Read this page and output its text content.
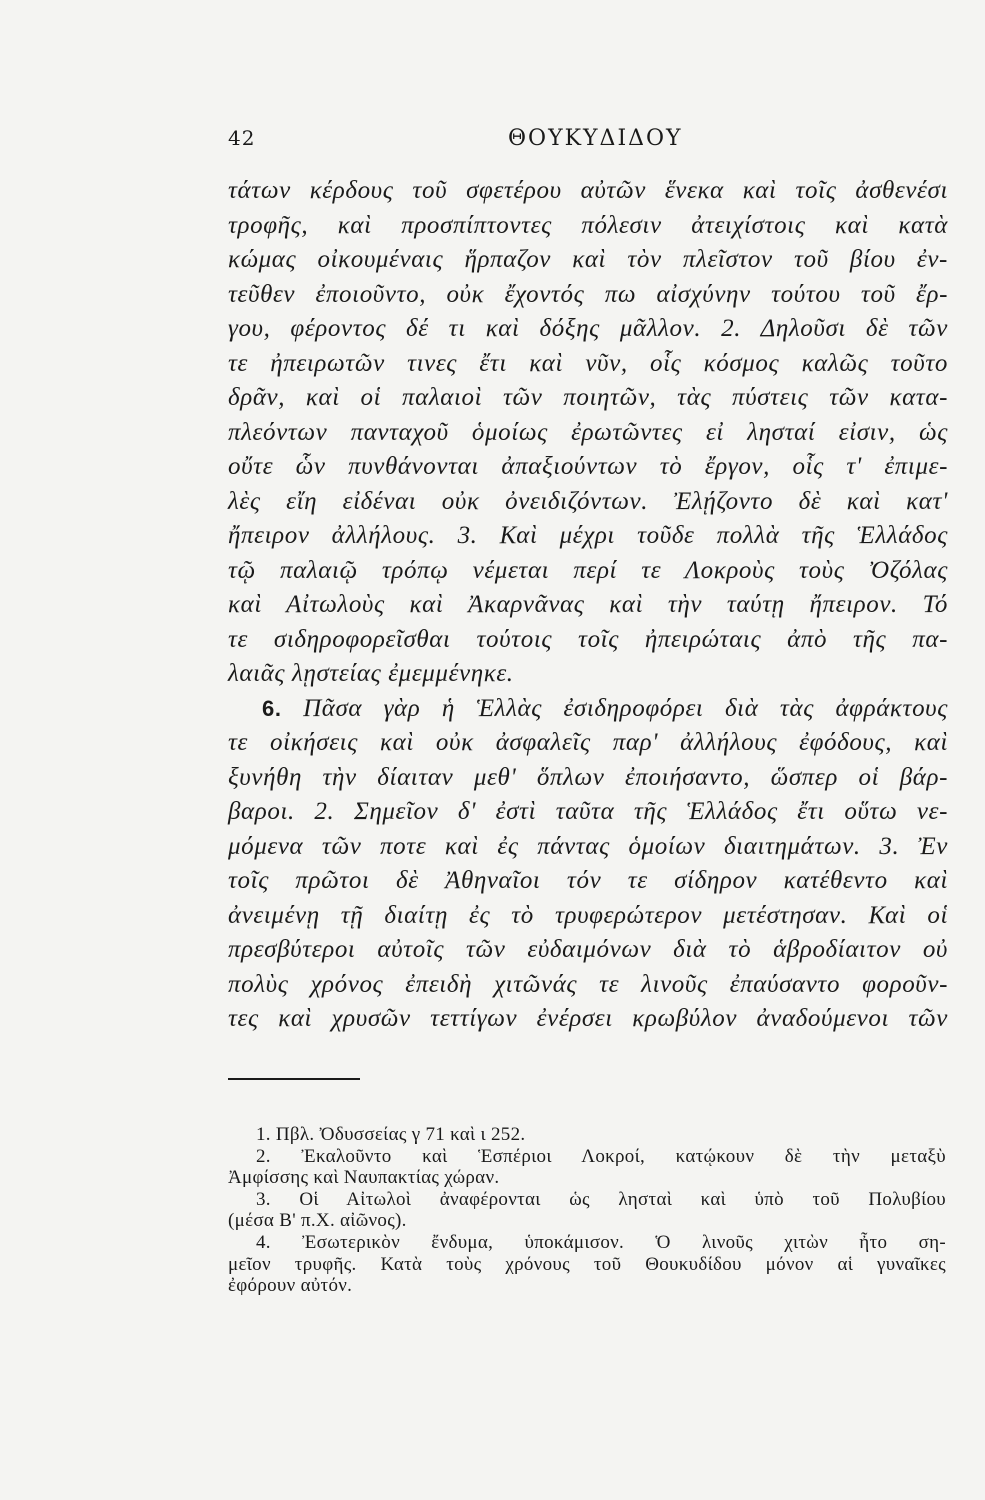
42	ΘΟΥΚΥΔΙΔΟΥ
τάτων κέρδους τοῦ σφετέρου αὐτῶν ἕνεκα καὶ τοῖς ἀσθενέσι
τροφῆς, καὶ προσπίπτοντες πόλεσιν ἀτειχίστοις καὶ κατὰ
κώμας οἰκουμέναις ἥρπαζον καὶ τὸν πλεῖστον τοῦ βίου ἐν-
τεῦθεν ἐποιοῦντο, οὐκ ἔχοντός πω αἰσχύνην τούτου τοῦ ἔρ-
γου, φέροντος δέ τι καὶ δόξης μᾶλλον. 2. Δηλοῦσι δὲ τῶν
τε ἠπειρωτῶν τινες ἔτι καὶ νῦν, οἷς κόσμος καλῶς τοῦτο
δρᾶν, καὶ οἱ παλαιοὶ τῶν ποιητῶν, τὰς πύστεις τῶν κατα-
πλεόντων πανταχοῦ ὁμοίως ἐρωτῶντες εἰ λησταί εἰσιν, ὡς
οὔτε ὧν πυνθάνονται ἀπαξιούντων τὸ ἔργον, οἷς τ' ἐπιμε-
λὲς εἴη εἰδέναι οὐκ ὀνειδιζόντων. Ἐλῄζοντο δὲ καὶ κατ'
ἤπειρον ἀλλήλους. 3. Καὶ μέχρι τοῦδε πολλὰ τῆς Ἑλλάδος
τῷ παλαιῷ τρόπῳ νέμεται περί τε Λοκροὺς τοὺς Ὀζόλας
καὶ Αἰτωλοὺς καὶ Ἀκαρνᾶνας καὶ τὴν ταύτῃ ἤπειρον. Τό
τε σιδηροφορεῖσθαι τούτοις τοῖς ἠπειρώταις ἀπὸ τῆς πα-
λαιᾶς λῃστείας ἐμεμμένηκε.
6. Πᾶσα γὰρ ἡ Ἑλλὰς ἐσιδηροφόρει διὰ τὰς ἀφράκτους
τε οἰκήσεις καὶ οὐκ ἀσφαλεῖς παρ' ἀλλήλους ἐφόδους, καὶ
ξυνήθη τὴν δίαιταν μεθ' ὅπλων ἐποιήσαντο, ὥσπερ οἱ βάρ-
βαροι. 2. Σημεῖον δ' ἐστὶ ταῦτα τῆς Ἑλλάδος ἔτι οὕτω νε-
μόμενα τῶν ποτε καὶ ἐς πάντας ὁμοίων διαιτημάτων. 3. Ἐν
τοῖς πρῶτοι δὲ Ἀθηναῖοι τόν τε σίδηρον κατέθεντο καὶ
ἀνειμένῃ τῇ διαίτῃ ἐς τὸ τρυφερώτερον μετέστησαν. Καὶ οἱ
πρεσβύτεροι αὐτοῖς τῶν εὐδαιμόνων διὰ τὸ ἁβροδίαιτον οὐ
πολὺς χρόνος ἐπειδὴ χιτῶνάς τε λινοῦς ἐπαύσαντο φοροῦν-
τες καὶ χρυσῶν τεττίγων ἐνέρσει κρωβύλον ἀναδούμενοι τῶν
1. Πβλ. Ὀδυσσείας γ 71 καὶ ι 252.
2. Ἐκαλοῦντο καὶ Ἑσπέριοι Λοκροί, κατῴκουν δὲ τὴν μεταξὺ
Ἀμφίσσης καὶ Ναυπακτίας χώραν.
3. Οἱ Αἰτωλοὶ ἀναφέρονται ὡς λησταὶ καὶ ὑπὸ τοῦ Πολυβίου
(μέσα Β' π.Χ. αἰῶνος).
4. Ἐσωτερικὸν ἔνδυμα, ὑποκάμισον. Ὁ λινοῦς χιτὼν ἦτο ση-
μεῖον τρυφῆς. Κατὰ τοὺς χρόνους τοῦ Θουκυδίδου μόνον αἱ γυναῖκες
ἐφόρουν αὐτόν.
